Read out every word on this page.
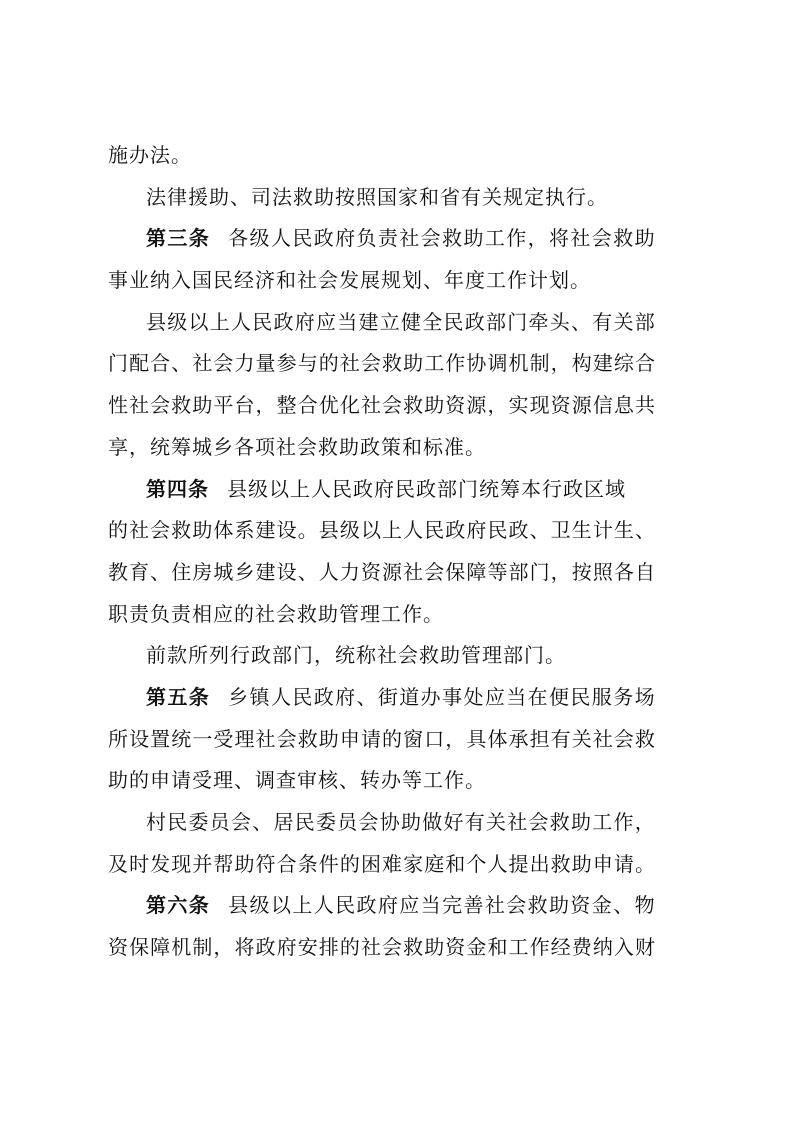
施办法。
法律援助、司法救助按照国家和省有关规定执行。
第三条 各级人民政府负责社会救助工作，将社会救助
事业纳入国民经济和社会发展规划、年度工作计划。
县级以上人民政府应当建立健全民政部门牵头、有关部
门配合、社会力量参与的社会救助工作协调机制，构建综合
性社会救助平台，整合优化社会救助资源，实现资源信息共
享，统筹城乡各项社会救助政策和标准。
第四条 县级以上人民政府民政部门统筹本行政区域
的社会救助体系建设。县级以上人民政府民政、卫生计生、
教育、住房城乡建设、人力资源社会保障等部门，按照各自
职责负责相应的社会救助管理工作。
前款所列行政部门，统称社会救助管理部门。
第五条 乡镇人民政府、街道办事处应当在便民服务场
所设置统一受理社会救助申请的窗口，具体承担有关社会救
助的申请受理、调查审核、转办等工作。
村民委员会、居民委员会协助做好有关社会救助工作，
及时发现并帮助符合条件的困难家庭和个人提出救助申请。
第六条 县级以上人民政府应当完善社会救助资金、物
资保障机制，将政府安排的社会救助资金和工作经费纳入财
